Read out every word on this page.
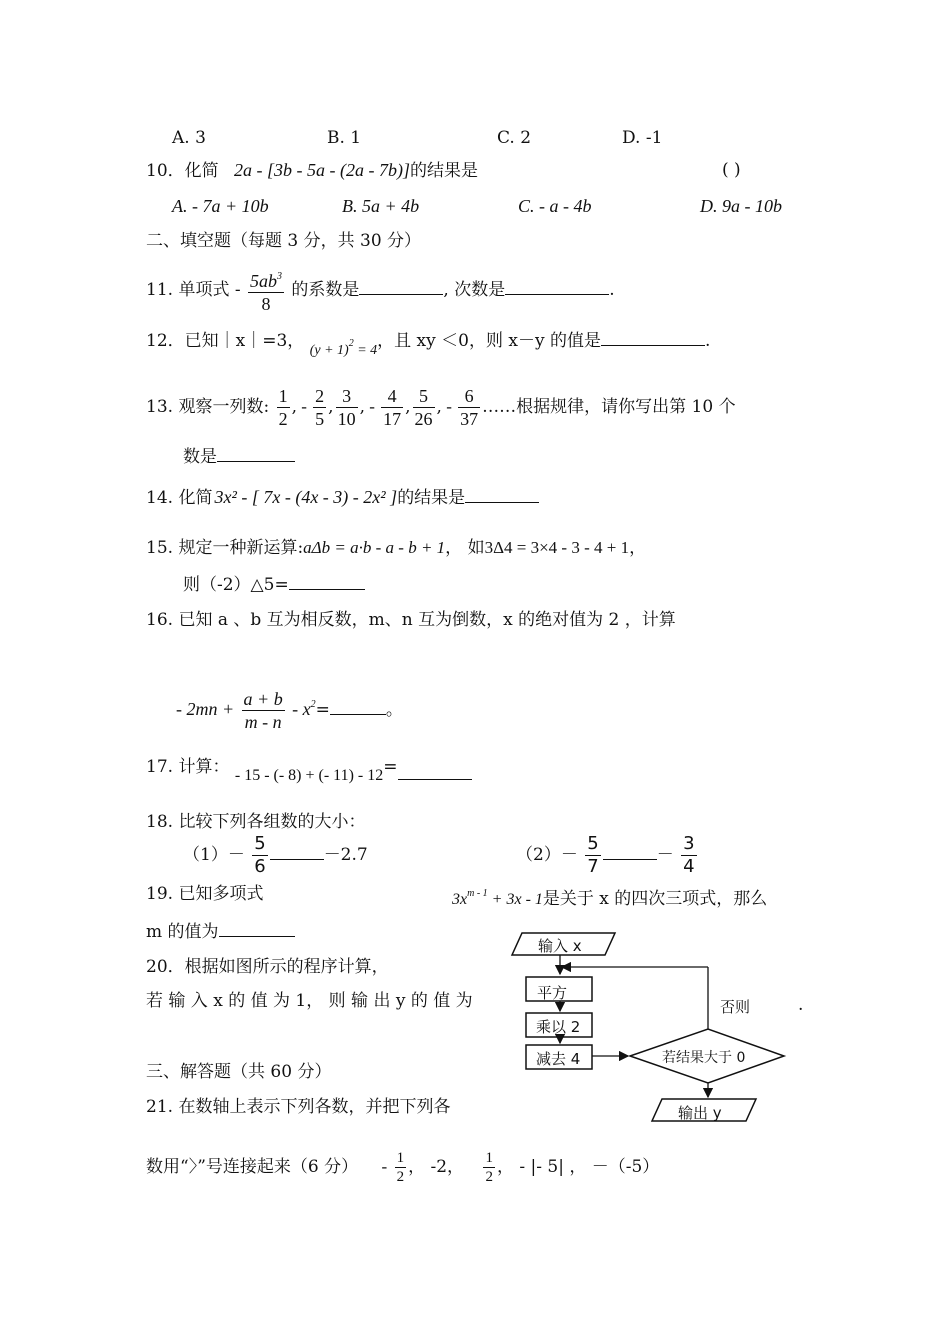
A. 3	B. 1	C. 2	D. -1
10．化简 2a - [3b - 5a - (2a - 7b)]的结果是	( )
A. - 7a + 10b	B. 5a + 4b	C. - a - 4b	D. 9a - 10b
二、填空题（每题 3 分，共 30 分）
11. 单项式 - $\frac{5ab^3}{8}$ 的系数是	, 次数是	.
12．已知｜x｜=3， $_{(y + 1)^2 = 4}$，且 xy ＜0，则 x－y 的值是	.
13. 观察一列数: $\frac{1}{2}$ , - $\frac{2}{5}$ , $\frac{3}{10}$ , - $\frac{4}{17}$ , $\frac{5}{26}$ , - $\frac{6}{37}$ ……根据规律，请你写出第 10 个
数是
14. 化简 3x² - [ 7x - (4x - 3) - 2x² ]的结果是
15. 规定一种新运算:aΔb = a·b - a - b + 1， 如3Δ4 = 3×4 - 3 - 4 + 1，
则（-2）△5=
16. 已知 a 、b 互为相反数，m、n 互为倒数，x 的绝对值为 2 ，计算
- $2mn + \frac{a + b}{m - n} - x^2=$	。
17. 计算： - 15 - (- 8) + (- 11) - 12=
18. 比较下列各组数的大小：
$(1)- \frac{5}{6}$	－2.7	$(2)- \frac{5}{7}$	－ $\frac{3}{4}$
19. 已知多项式	$3x^{m - 1} + 3x - 1$是关于 x 的四次三项式，那么
m 的值为
20．根据如图所示的程序计算，
若 输 入 x 的 值 为 1， 则 输 出 y 的 值 为	.
输入 x
平方
乘以 2
减去 4	若结果大于 0
否则
输出 y
三、解答题（共 60 分）
21. 在数轴上表示下列各数，并把下列各
数用“〉”号连接起来（6 分） - $\frac{1}{2}$ ， -2， $\frac{1}{2}$ ， - |- 5| ， －（-5）
